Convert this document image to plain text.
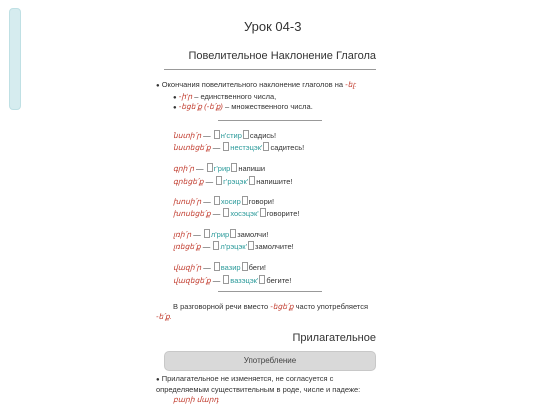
Урок 04-3
Повелительное Наклонение Глагола
● Окончания повелительного наклонение глаголов на -ել:
● -իʹր – единственного числа,
● -եցե՛ք (-ե՛ք) – множественного числа.
նստի՛ր — н'стир садись!
նստեցե՛ք — нестэцэк' садитесь!
գրի՛ր — г'рир напиши
գրեցե՛ք — г'рэцэк' напишите!
խոսի՛ր — хосир говори!
խոսեցե՛ք — хосэцэк' говорите!
լռի՛ր — л'рир замолчи!
լռեցե՛ք — л'рэцэк' замолчите!
վազի՛ր — вазир беги!
վազեցե՛ք — вазэцэк' бегите!
В разговорной речи вместо -եցե՛ք часто употребляется -ե՛ք.
Прилагательное
Употребление
● Прилагательное не изменяется, не согласуется с определяемым существительным в роде, числе и падеже:
բարի մարդ
